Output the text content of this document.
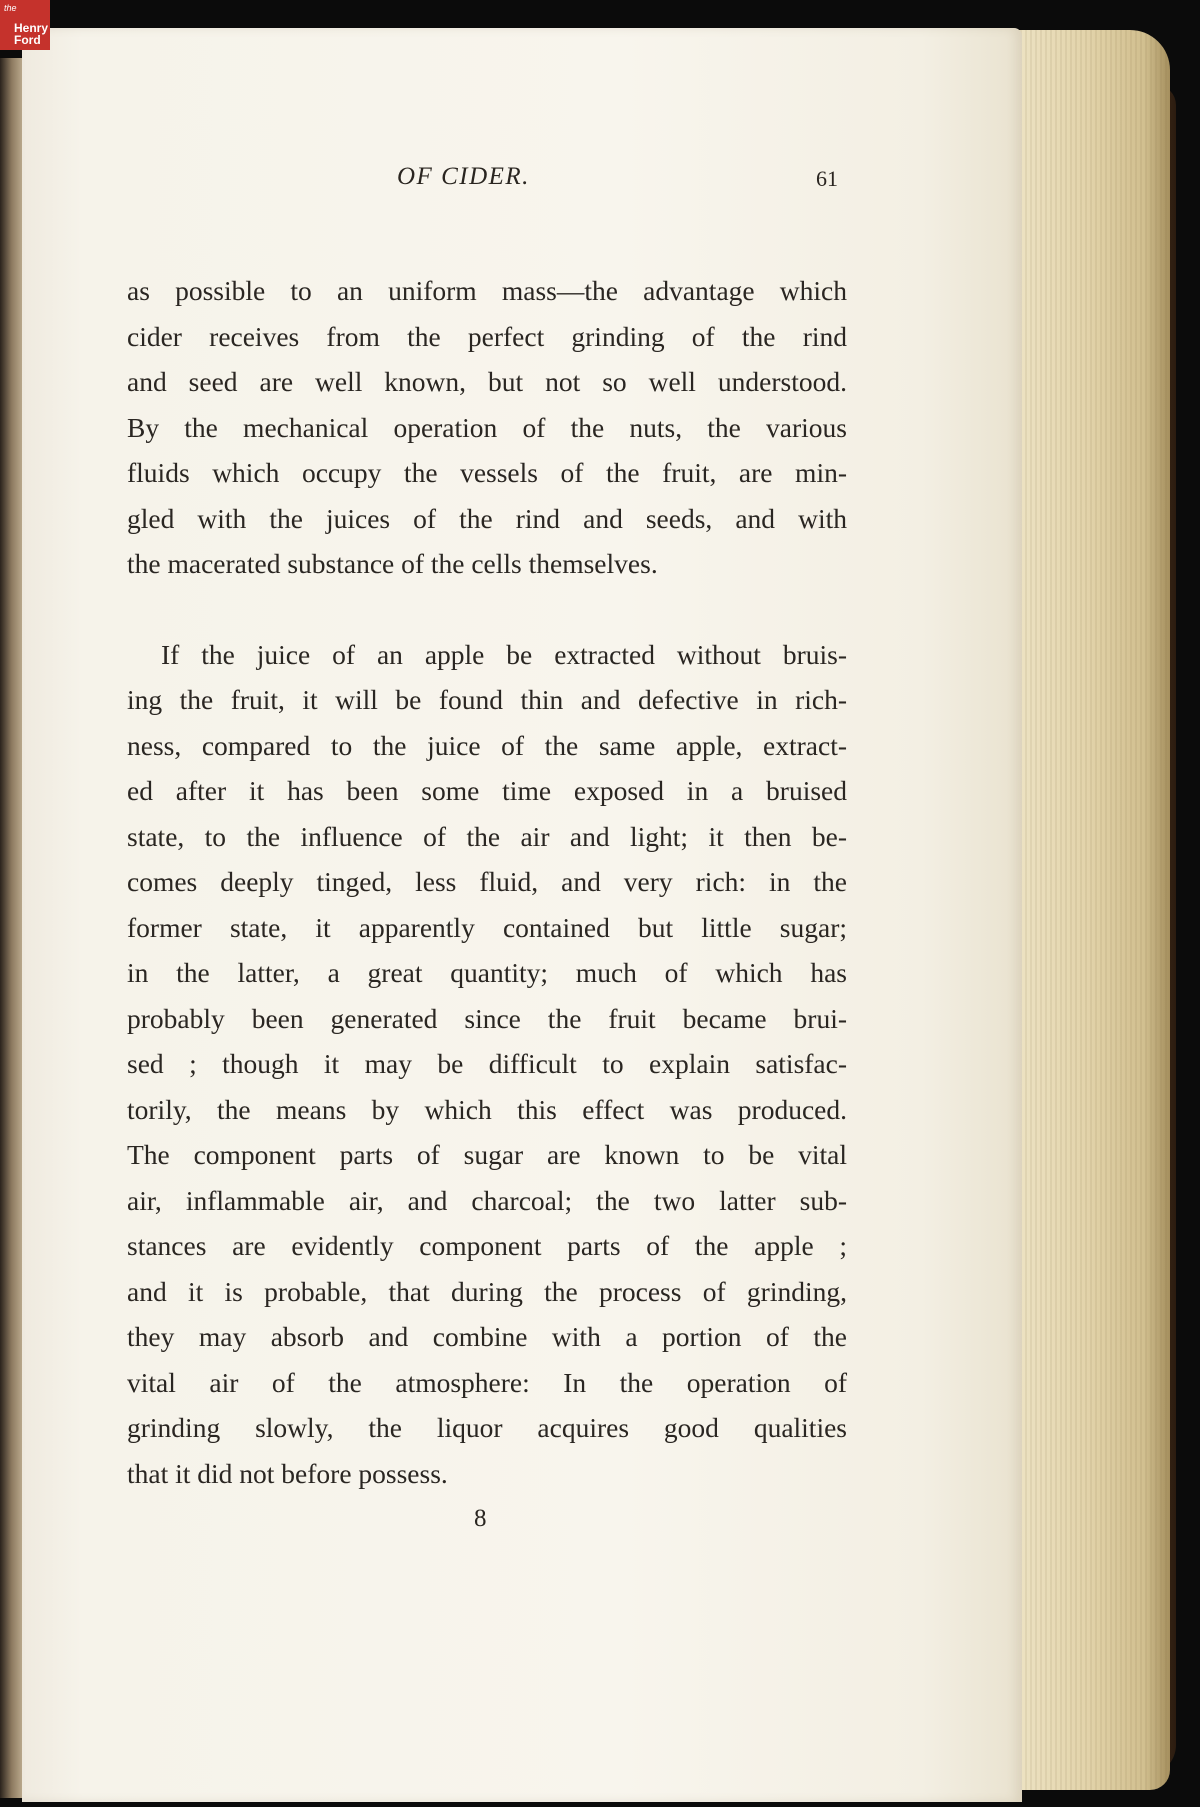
OF CIDER.	61
as possible to an uniform mass—the advantage which
cider receives from the perfect grinding of the rind
and seed are well known, but not so well understood.
By the mechanical operation of the nuts, the various
fluids which occupy the vessels of the fruit, are min-
gled with the juices of the rind and seeds, and with
the macerated substance of the cells themselves.
If the juice of an apple be extracted without bruis-
ing the fruit, it will be found thin and defective in rich-
ness, compared to the juice of the same apple, extract-
ed after it has been some time exposed in a bruised
state, to the influence of the air and light; it then be-
comes deeply tinged, less fluid, and very rich: in the
former state, it apparently contained but little sugar;
in the latter, a great quantity; much of which has
probably been generated since the fruit became brui-
sed ; though it may be difficult to explain satisfac-
torily, the means by which this effect was produced.
The component parts of sugar are known to be vital
air, inflammable air, and charcoal; the two latter sub-
stances are evidently component parts of the apple ;
and it is probable, that during the process of grinding,
they may absorb and combine with a portion of the
vital air of the atmosphere: In the operation of
grinding slowly, the liquor acquires good qualities
that it did not before possess.
8
the
Henry
Ford
